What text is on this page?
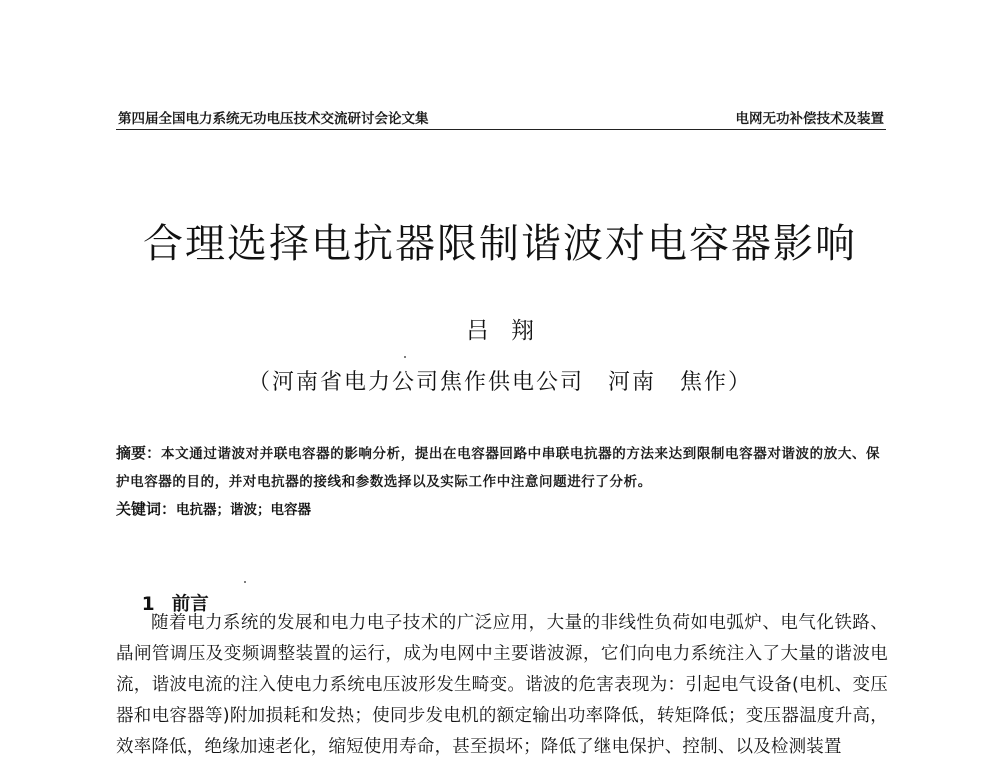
第四届全国电力系统无功电压技术交流研讨会论文集	电网无功补偿技术及装置
合理选择电抗器限制谐波对电容器影响
吕翔
（河南省电力公司焦作供电公司　河南　焦作）
摘要：本文通过谐波对并联电容器的影响分析，提出在电容器回路中串联电抗器的方法来达到限制电容器对谐波的放大、保护电容器的目的，并对电抗器的接线和参数选择以及实际工作中注意问题进行了分析。
关键词：电抗器；谐波；电容器

1 前言

随着电力系统的发展和电力电子技术的广泛应用，大量的非线性负荷如电弧炉、电气化铁路、晶闸管调压及变频调整装置的运行，成为电网中主要谐波源，它们向电力系统注入了大量的谐波电流，谐波电流的注入使电力系统电压波形发生畸变。谐波的危害表现为：引起电气设备(电机、变压器和电容器等)附加损耗和发热；使同步发电机的额定输出功率降低，转矩降低；变压器温度升高，效率降低，绝缘加速老化，缩短使用寿命，甚至损坏；降低了继电保护、控制、以及检测装置
